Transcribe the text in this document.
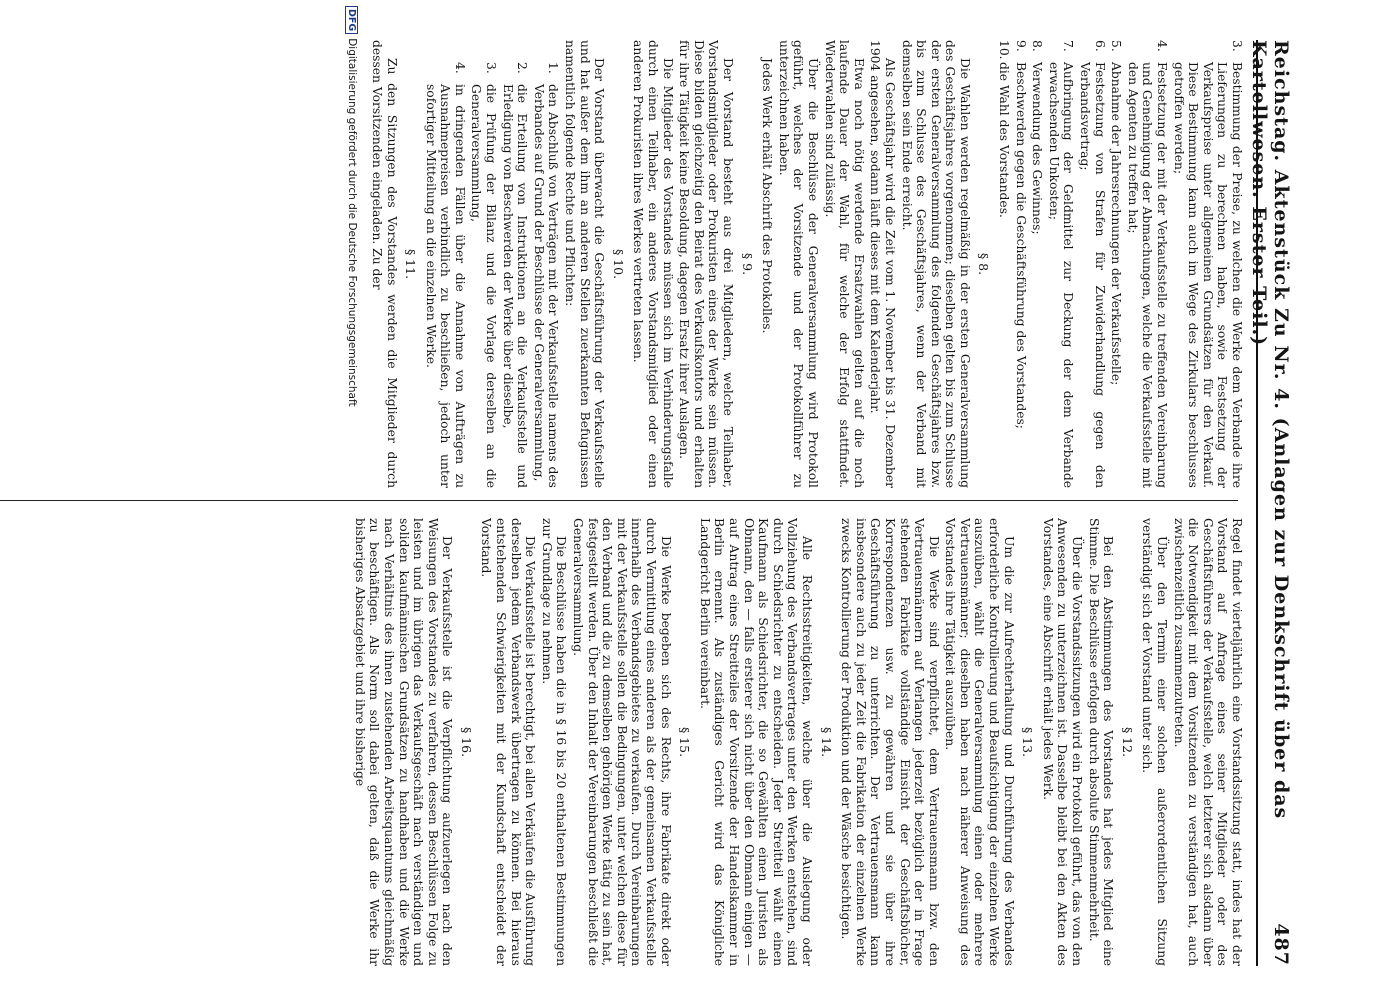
Reichstag. Aktenstück Zu Nr. 4. (Anlagen zur Denkschrift über das Kartellwesen. Erster Teil.)
487

3.
Bestimmung der Preise, zu welchen die Werke dem Verbande ihre Lieferungen zu berechnen haben, sowie Festsetzung der Verkaufspreise unter allgemeinen Grundsätzen für den Verkauf. Diese Bestimmung kann auch im Wege des Zirkulars beschlusses getroffen werden;

4.
Festsetzung der mit der Verkaufsstelle zu treffenden Vereinbarung und Genehmigung der Abmachungen, welche die Verkaufsstelle mit den Agenten zu treffen hat;

5.
Abnahme der Jahresrechnungen der Verkaufsstelle;

6.
Festsetzung von Strafen für Zuwiderhandlung gegen den Verbandsvertrag;

7.
Aufbringung der Geldmittel zur Deckung der dem Verbande erwachsenden Unkosten;

8.
Verwendung des Gewinnes;

9.
Beschwerden gegen die Geschäftsführung des Vorstandes;

10.
die Wahl des Vorstandes.

§ 8.

Die Wahlen werden regelmäßig in der ersten Generalversammlung des Geschäftsjahres vorgenommen; dieselben gelten bis zum Schlusse der ersten Generalversammlung des folgenden Geschäftsjahres bzw. bis zum Schlusse des Geschäftsjahres, wenn der Verband mit demselben sein Ende erreicht.

Als Geschäftsjahr wird die Zeit vom 1. November bis 31. Dezember 1904 angesehen, sodann läuft dieses mit dem Kalenderjahr.

Etwa noch nötig werdende Ersatzwahlen gelten auf die noch laufende Dauer der Wahl, für welche der Erfolg stattfindet. Wiederwahlen sind zulässig.

Über die Beschlüsse der Generalversammlung wird Protokoll geführt, welches der Vorsitzende und der Protokollführer zu unterzeichnen haben.

Jedes Werk erhält Abschrift des Protokolles.

§ 9.

Der Vorstand besteht aus drei Mitgliedern, welche Teilhaber, Vorstandsmitglieder oder Prokuristen eines der Werke sein müssen. Diese bilden gleichzeitig den Beirat des Verkaufskontors und erhalten für ihre Tätigkeit keine Besoldung, dagegen Ersatz ihrer Auslagen.

Die Mitglieder des Vorstandes müssen sich im Verhinderungsfalle durch einen Teilhaber, ein anderes Vorstandsmitglied oder einen anderen Prokuristen ihres Werkes vertreten lassen.

§ 10.

Der Vorstand überwacht die Geschäftsführung der Verkaufsstelle und hat außer dem ihm an anderen Stellen zuerkannten Befugnissen namentlich folgende Rechte und Pflichten:

1.
den Abschluß von Verträgen mit der Verkaufsstelle namens des Verbandes auf Grund der Beschlüsse der Generalversammlung,

2.
die Erteilung von Instruktionen an die Verkaufsstelle und Erledigung von Beschwerden der Werke über dieselbe,

3.
die Prüfung der Bilanz und die Vorlage derselben an die Generalversammlung,

4.
in dringenden Fällen über die Annahme von Aufträgen zu Ausnahmepreisen verbindlich zu beschließen, jedoch unter sofortiger Mitteilung an die einzelnen Werke.

§ 11.

Zu den Sitzungen des Vorstandes werden die Mitglieder durch dessen Vorsitzenden eingeladen. Zu der

Regel findet vierteljährlich eine Vorstandssitzung statt, indes hat der Vorstand auf Anfrage eines seiner Mitglieder oder des Geschäftsführers der Verkaufsstelle, welch letzterer sich alsdann über die Notwendigkeit mit dem Vorsitzenden zu verständigen hat, auch zwischenzeitlich zusammenzutreten.

Über den Termin einer solchen außerordentlichen Sitzung verständigt sich der Vorstand unter sich.

§ 12.

Bei den Abstimmungen des Vorstandes hat jedes Mitglied eine Stimme. Die Beschlüsse erfolgen durch absolute Stimmenmehrheit.

Über die Vorstandssitzungen wird ein Protokoll geführt, das von den Anwesenden zu unterzeichnen ist. Dasselbe bleibt bei den Akten des Vorstandes, eine Abschrift erhält jedes Werk.

§ 13.

Um die zur Aufrechterhaltung und Durchführung des Verbandes erforderliche Kontrollierung und Beaufsichtigung der einzelnen Werke auszuüben, wählt die Generalversammlung einen oder mehrere Vertrauensmänner; dieselben haben nach näherer Anweisung des Vorstandes ihre Tätigkeit auszuüben.

Die Werke sind verpflichtet, dem Vertrauensmann bzw. den Vertrauensmännern auf Verlangen jederzeit bezüglich der in Frage stehenden Fabrikate vollständige Einsicht der Geschäftsbücher, Korrespondenzen usw. zu gewähren und sie über ihre Geschäftsführung zu unterrichten. Der Vertrauensmann kann insbesondere auch zu jeder Zeit die Fabrikation der einzelnen Werke zwecks Kontrollierung der Produktion und der Wäsche besichtigen.

§ 14.

Alle Rechtsstreitigkeiten, welche über die Auslegung oder Vollziehung des Verbandsvertrages unter den Werken entstehen, sind durch Schiedsrichter zu entscheiden. Jeder Streitteil wählt einen Kaufmann als Schiedsrichter, die so Gewählten einen Juristen als Obmann, den — falls ersterer sich nicht über den Obmann einigen — auf Antrag eines Streitteiles der Vorsitzende der Handelskammer in Berlin ernennt. Als zuständiges Gericht wird das Königliche Landgericht Berlin vereinbart.

§ 15.

Die Werke begeben sich des Rechts, ihre Fabrikate direkt oder durch Vermittlung eines anderen als der gemeinsamen Verkaufsstelle innerhalb des Verbandsgebietes zu verkaufen. Durch Vereinbarungen mit der Verkaufsstelle sollen die Bedingungen, unter welchen diese für den Verband und die zu demselben gehörigen Werke tätig zu sein hat, festgestellt werden. Über den Inhalt der Vereinbarungen beschließt die Generalversammlung.

Die Beschlüsse haben die in § 16 bis 20 enthaltenen Bestimmungen zur Grundlage zu nehmen.

Die Verkaufsstelle ist berechtigt, bei allen Verkäufen die Ausführung derselben jedem Verbandswerk übertragen zu können. Bei hieraus entstehenden Schwierigkeiten mit der Kundschaft entscheidet der Vorstand.

§ 16.

Der Verkaufsstelle ist die Verpflichtung aufzuerlegen nach den Weisungen des Vorstandes zu verfahren, dessen Beschlüssen Folge zu leisten und im übrigen das Verkaufsgeschäft nach verständigen und soliden kaufmännischen Grundsätzen zu handhaben und die Werke nach Verhältnis des ihnen zustehenden Arbeitsquantums gleichmäßig zu beschäftigen. Als Norm soll dabei gelten, daß die Werke ihr bisheriges Absatzgebiet und ihre bisherige

DFGDigitalisierung gefördert durch die Deutsche Forschungsgemeinschaft
